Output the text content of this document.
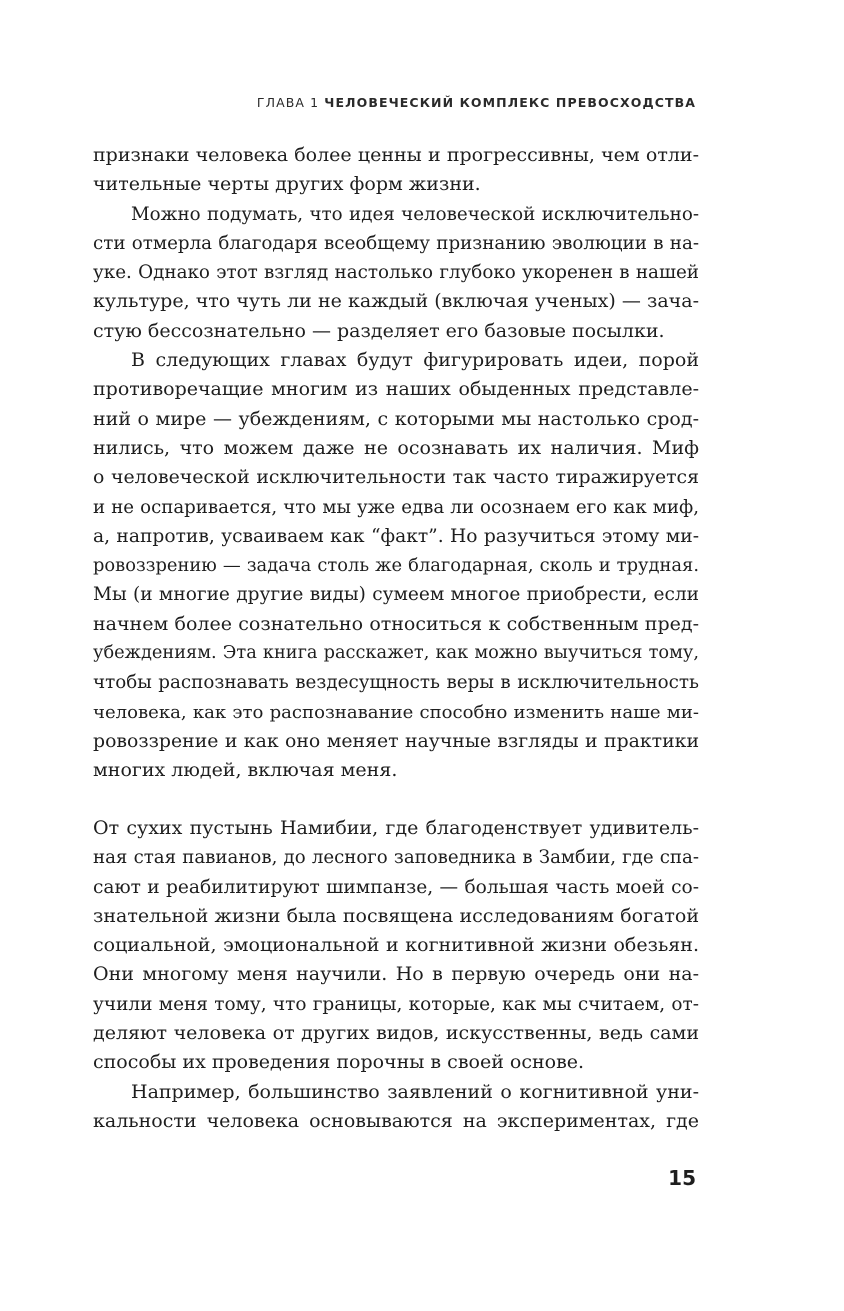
ГЛАВА 1 ЧЕЛОВЕЧЕСКИЙ КОМПЛЕКС ПРЕВОСХОДСТВА
признаки человека более ценны и прогрессивны, чем отли-
чительные черты других форм жизни.
Можно подумать, что идея человеческой исключительно-
сти отмерла благодаря всеобщему признанию эволюции в на-
уке. Однако этот взгляд настолько глубоко укоренен в нашей
культуре, что чуть ли не каждый (включая ученых) — зача-
стую бессознательно — разделяет его базовые посылки.
В следующих главах будут фигурировать идеи, порой
противоречащие многим из наших обыденных представле-
ний о мире — убеждениям, с которыми мы настолько срод-
нились, что можем даже не осознавать их наличия. Миф
о человеческой исключительности так часто тиражируется
и не оспаривается, что мы уже едва ли осознаем его как миф,
а, напротив, усваиваем как “факт”. Но разучиться этому ми-
ровоззрению — задача столь же благодарная, сколь и трудная.
Мы (и многие другие виды) сумеем многое приобрести, если
начнем более сознательно относиться к собственным пред-
убеждениям. Эта книга расскажет, как можно выучиться тому,
чтобы распознавать вездесущность веры в исключительность
человека, как это распознавание способно изменить наше ми-
ровоззрение и как оно меняет научные взгляды и практики
многих людей, включая меня.
От сухих пустынь Намибии, где благоденствует удивитель-
ная стая павианов, до лесного заповедника в Замбии, где спа-
сают и реабилитируют шимпанзе, — большая часть моей со-
знательной жизни была посвящена исследованиям богатой
социальной, эмоциональной и когнитивной жизни обезьян.
Они многому меня научили. Но в первую очередь они на-
учили меня тому, что границы, которые, как мы считаем, от-
деляют человека от других видов, искусственны, ведь сами
способы их проведения порочны в своей основе.
Например, большинство заявлений о когнитивной уни-
кальности человека основываются на экспериментах, где
15
